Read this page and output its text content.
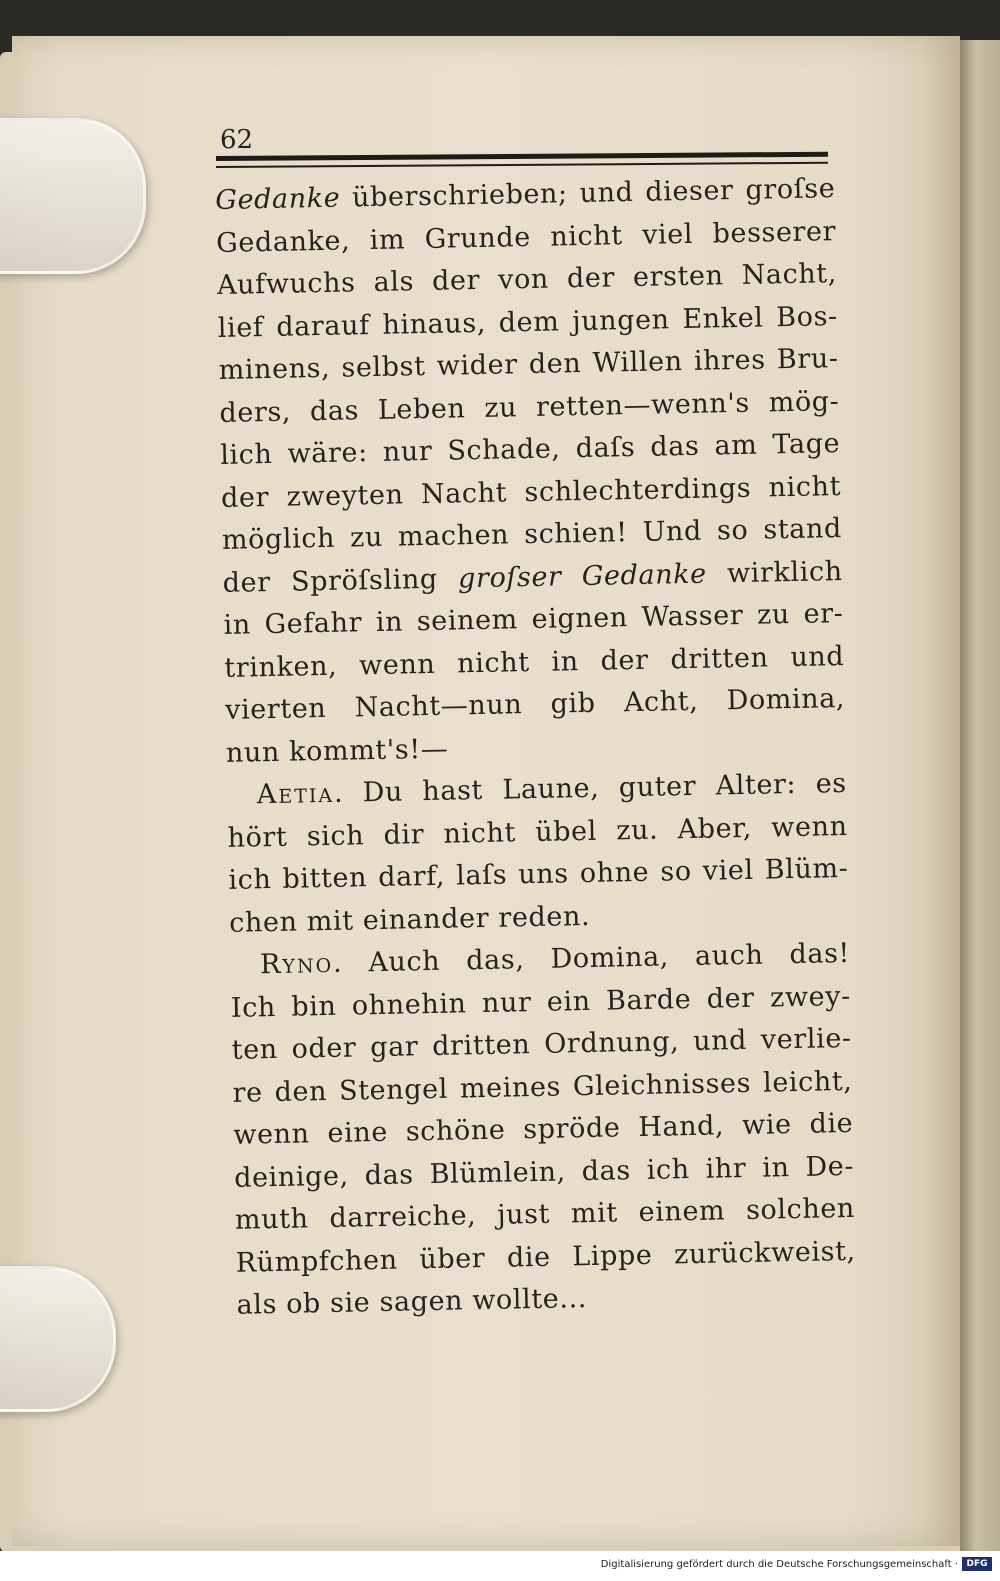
62
Gedanke überschrieben; und dieser groſse
Gedanke, im Grunde nicht viel besserer
Aufwuchs als der von der ersten Nacht,
lief darauf hinaus, dem jungen Enkel Bos-
minens, selbst wider den Willen ihres Bru-
ders, das Leben zu retten—wenn's mög-
lich wäre: nur Schade, daſs das am Tage
der zweyten Nacht schlechterdings nicht
möglich zu machen schien! Und so stand
der Spröſsling groſser Gedanke wirklich
in Gefahr in seinem eignen Wasser zu er-
trinken, wenn nicht in der dritten und
vierten Nacht—nun gib Acht, Domina,
nun kommt's!—
Aetia. Du hast Laune, guter Alter: es
hört sich dir nicht übel zu. Aber, wenn
ich bitten darf, laſs uns ohne so viel Blüm-
chen mit einander reden.
Ryno. Auch das, Domina, auch das!
Ich bin ohnehin nur ein Barde der zwey-
ten oder gar dritten Ordnung, und verlie-
re den Stengel meines Gleichnisses leicht,
wenn eine schöne spröde Hand, wie die
deinige, das Blümlein, das ich ihr in De-
muth darreiche, just mit einem solchen
Rümpfchen über die Lippe zurückweist,
als ob sie sagen wollte...
Digitalisierung gefördert durch die Deutsche Forschungsgemeinschaft · DFG
